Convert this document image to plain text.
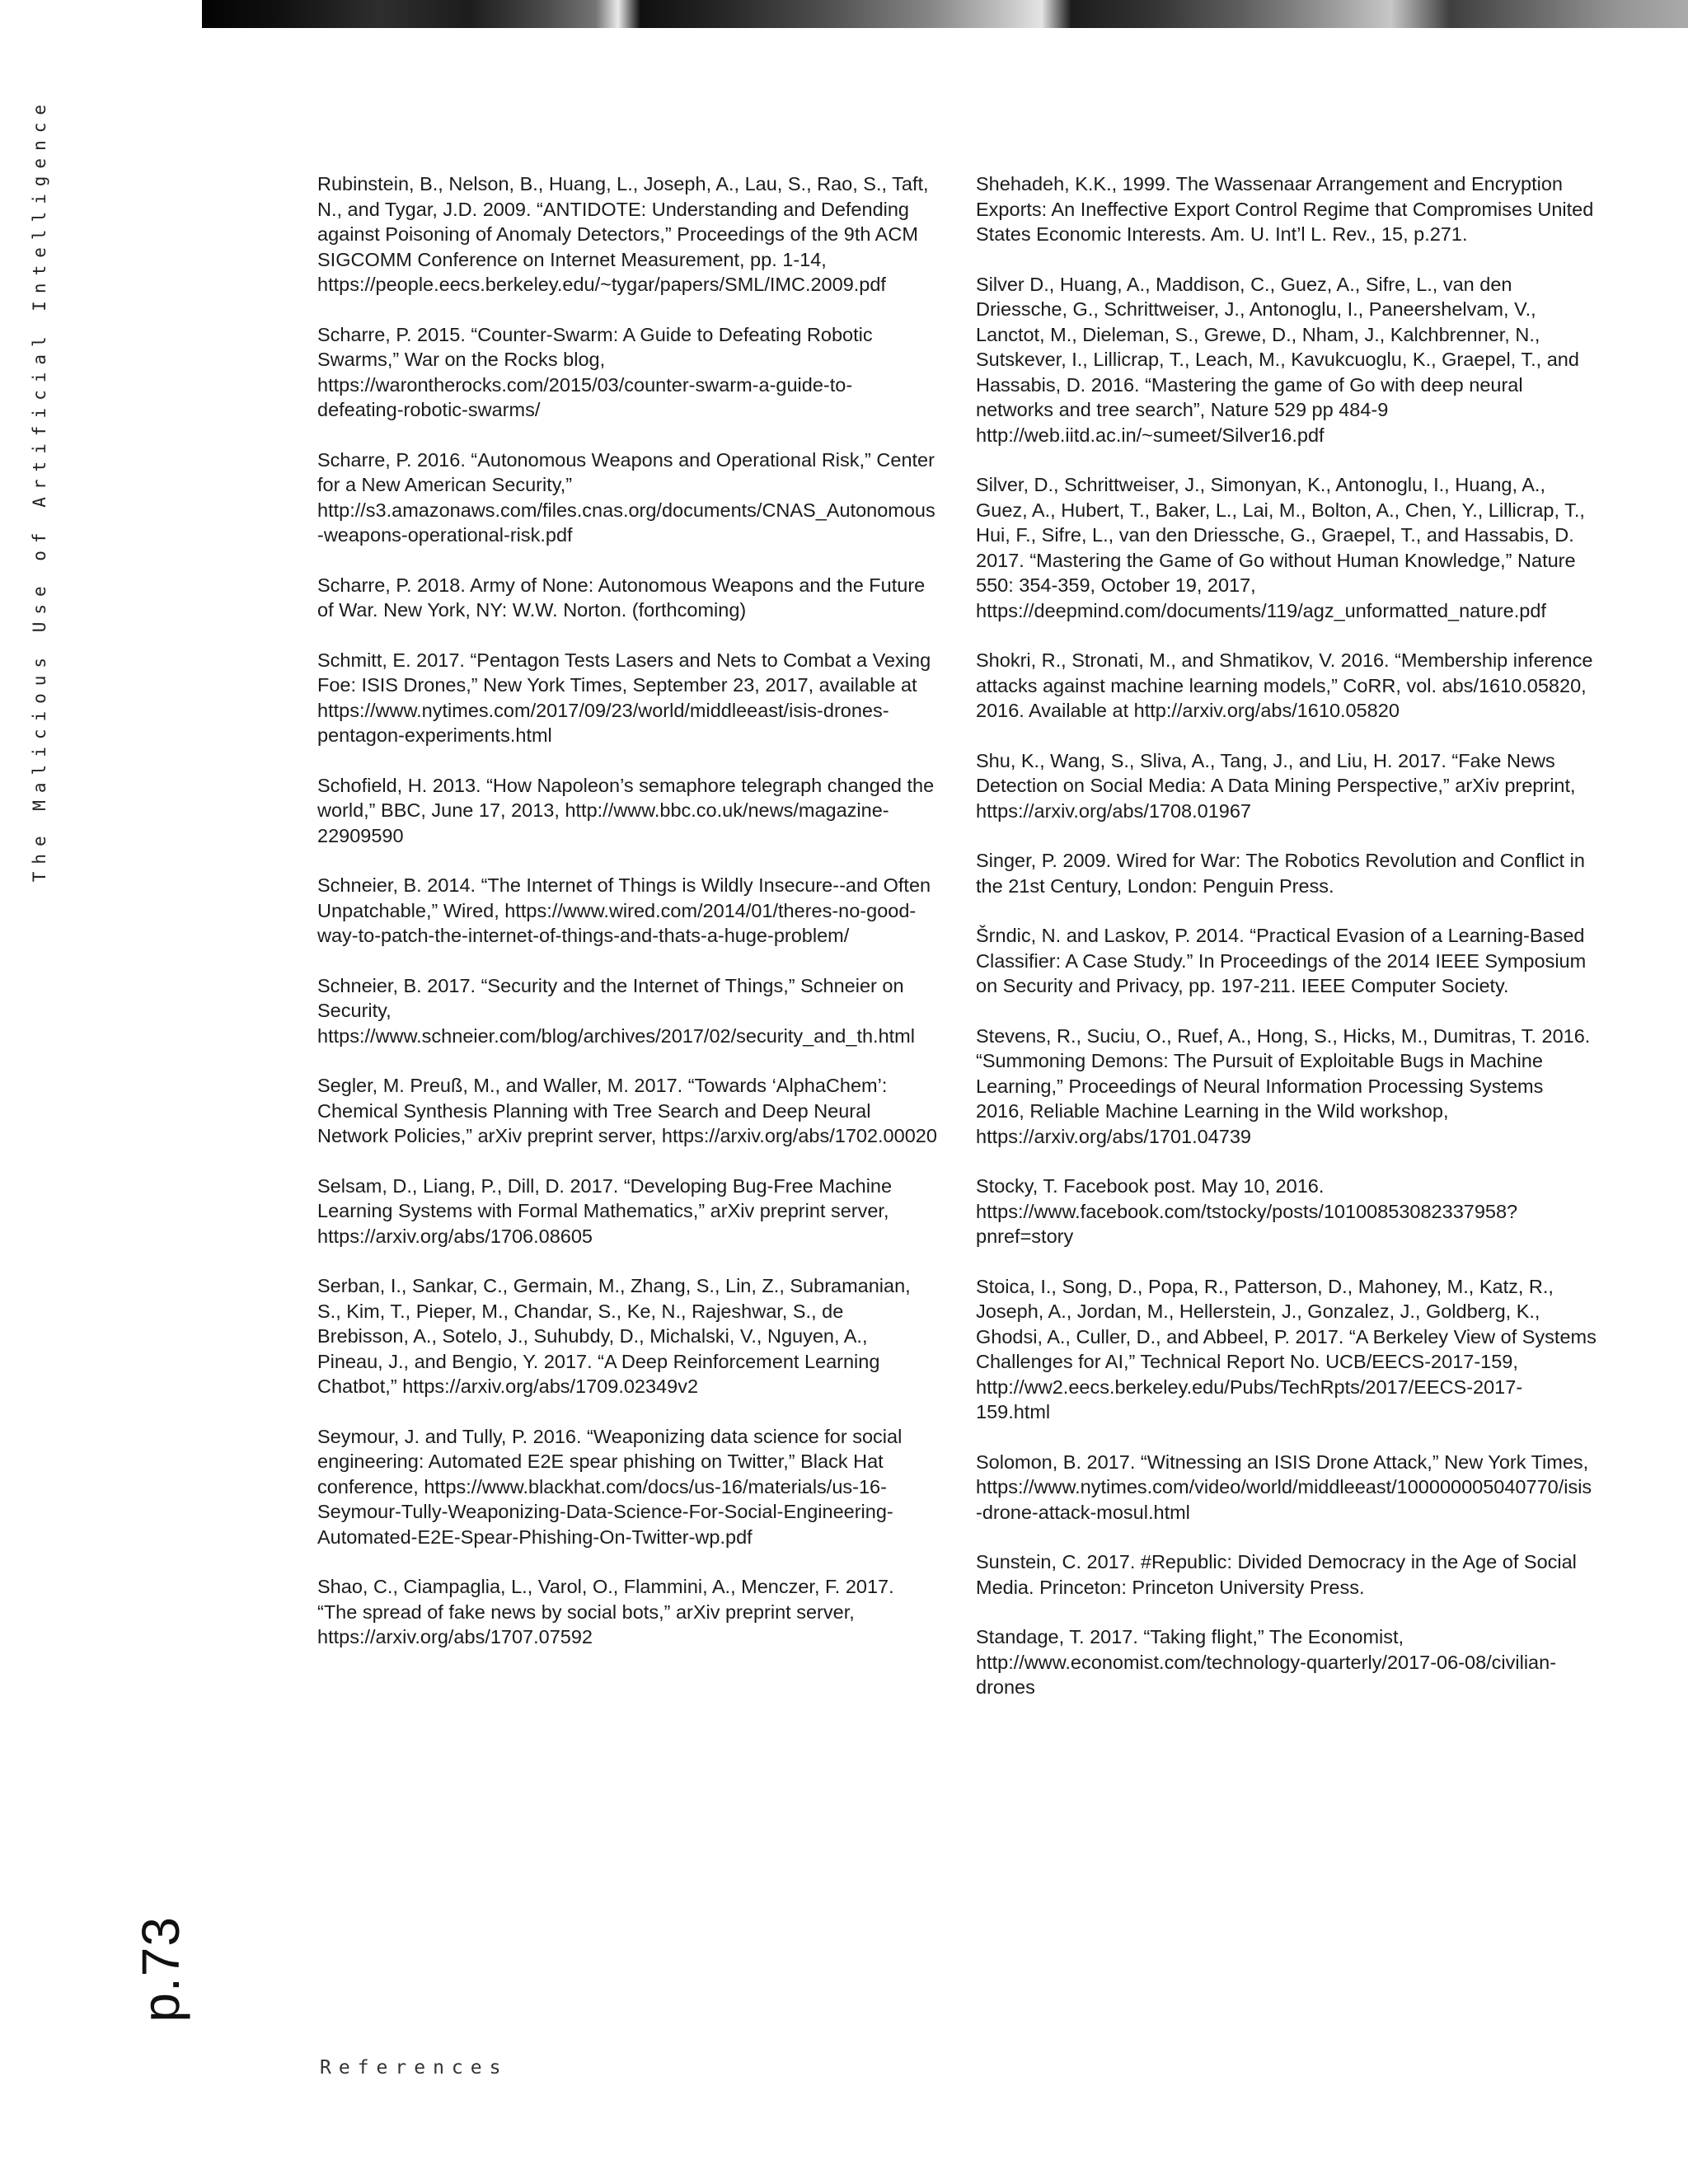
The Malicious Use of Artificial Intelligence
p.73
References

Rubinstein, B., Nelson, B., Huang, L., Joseph, A., Lau, S., Rao, S., Taft, N., and Tygar, J.D. 2009. “ANTIDOTE: Understanding and Defending against Poisoning of Anomaly Detectors,” Proceedings of the 9th ACM SIGCOMM Conference on Internet Measurement, pp. 1-14, https://people.eecs.berkeley.edu/~tygar/papers/SML/IMC.2009.pdf

Scharre, P. 2015. “Counter-Swarm: A Guide to Defeating Robotic Swarms,” War on the Rocks blog, https://warontherocks.com/2015/03/counter-swarm-a-guide-to-defeating-robotic-swarms/

Scharre, P. 2016. “Autonomous Weapons and Operational Risk,” Center for a New American Security,” http://s3.amazonaws.com/files.cnas.org/documents/CNAS_Autonomous-weapons-operational-risk.pdf

Scharre, P. 2018. Army of None: Autonomous Weapons and the Future of War. New York, NY: W.W. Norton. (forthcoming)

Schmitt, E. 2017. “Pentagon Tests Lasers and Nets to Combat a Vexing Foe: ISIS Drones,” New York Times, September 23, 2017, available at https://www.nytimes.com/2017/09/23/world/middleeast/isis-drones-pentagon-experiments.html

Schofield, H. 2013. “How Napoleon’s semaphore telegraph changed the world,” BBC, June 17, 2013, http://www.bbc.co.uk/news/magazine-22909590

Schneier, B. 2014. “The Internet of Things is Wildly Insecure--and Often Unpatchable,” Wired, https://www.wired.com/2014/01/theres-no-good-way-to-patch-the-internet-of-things-and-thats-a-huge-problem/

Schneier, B. 2017. “Security and the Internet of Things,” Schneier on Security, https://www.schneier.com/blog/archives/2017/02/security_and_th.html

Segler, M. Preuß, M., and Waller, M. 2017. “Towards ‘AlphaChem’: Chemical Synthesis Planning with Tree Search and Deep Neural Network Policies,” arXiv preprint server, https://arxiv.org/abs/1702.00020

Selsam, D., Liang, P., Dill, D. 2017. “Developing Bug-Free Machine Learning Systems with Formal Mathematics,” arXiv preprint server, https://arxiv.org/abs/1706.08605

Serban, I., Sankar, C., Germain, M., Zhang, S., Lin, Z., Subramanian, S., Kim, T., Pieper, M., Chandar, S., Ke, N., Rajeshwar, S., de Brebisson, A., Sotelo, J., Suhubdy, D., Michalski, V., Nguyen, A., Pineau, J., and Bengio, Y. 2017. “A Deep Reinforcement Learning Chatbot,” https://arxiv.org/abs/1709.02349v2

Seymour, J. and Tully, P. 2016. “Weaponizing data science for social engineering: Automated E2E spear phishing on Twitter,” Black Hat conference, https://www.blackhat.com/docs/us-16/materials/us-16-Seymour-Tully-Weaponizing-Data-Science-For-Social-Engineering-Automated-E2E-Spear-Phishing-On-Twitter-wp.pdf

Shao, C., Ciampaglia, L., Varol, O., Flammini, A., Menczer, F. 2017. “The spread of fake news by social bots,” arXiv preprint server, https://arxiv.org/abs/1707.07592

Shehadeh, K.K., 1999. The Wassenaar Arrangement and Encryption Exports: An Ineffective Export Control Regime that Compromises United States Economic Interests. Am. U. Int’l L. Rev., 15, p.271.

Silver D., Huang, A., Maddison, C., Guez, A., Sifre, L., van den Driessche, G., Schrittweiser, J., Antonoglu, I., Paneershelvam, V., Lanctot, M., Dieleman, S., Grewe, D., Nham, J., Kalchbrenner, N., Sutskever, I., Lillicrap, T., Leach, M., Kavukcuoglu, K., Graepel, T., and Hassabis, D. 2016. “Mastering the game of Go with deep neural networks and tree search”, Nature 529 pp 484-9 http://web.iitd.ac.in/~sumeet/Silver16.pdf

Silver, D., Schrittweiser, J., Simonyan, K., Antonoglu, I., Huang, A., Guez, A., Hubert, T., Baker, L., Lai, M., Bolton, A., Chen, Y., Lillicrap, T., Hui, F., Sifre, L., van den Driessche, G., Graepel, T., and Hassabis, D. 2017. “Mastering the Game of Go without Human Knowledge,” Nature 550: 354-359, October 19, 2017, https://deepmind.com/documents/119/agz_unformatted_nature.pdf

Shokri, R., Stronati, M., and Shmatikov, V. 2016. “Membership inference attacks against machine learning models,” CoRR, vol. abs/1610.05820, 2016. Available at http://arxiv.org/abs/1610.05820

Shu, K., Wang, S., Sliva, A., Tang, J., and Liu, H. 2017. “Fake News Detection on Social Media: A Data Mining Perspective,” arXiv preprint, https://arxiv.org/abs/1708.01967

Singer, P. 2009. Wired for War: The Robotics Revolution and Conflict in the 21st Century, London: Penguin Press.

Šrndic, N. and Laskov, P. 2014. “Practical Evasion of a Learning-Based Classifier: A Case Study.” In Proceedings of the 2014 IEEE Symposium on Security and Privacy, pp. 197-211. IEEE Computer Society.

Stevens, R., Suciu, O., Ruef, A., Hong, S., Hicks, M., Dumitras, T. 2016. “Summoning Demons: The Pursuit of Exploitable Bugs in Machine Learning,” Proceedings of Neural Information Processing Systems 2016, Reliable Machine Learning in the Wild workshop, https://arxiv.org/abs/1701.04739

Stocky, T. Facebook post. May 10, 2016. https://www.facebook.com/tstocky/posts/10100853082337958?pnref=story

Stoica, I., Song, D., Popa, R., Patterson, D., Mahoney, M., Katz, R., Joseph, A., Jordan, M., Hellerstein, J., Gonzalez, J., Goldberg, K., Ghodsi, A., Culler, D., and Abbeel, P. 2017. “A Berkeley View of Systems Challenges for AI,” Technical Report No. UCB/EECS-2017-159, http://ww2.eecs.berkeley.edu/Pubs/TechRpts/2017/EECS-2017-159.html

Solomon, B. 2017. “Witnessing an ISIS Drone Attack,” New York Times, https://www.nytimes.com/video/world/middleeast/100000005040770/isis-drone-attack-mosul.html

Sunstein, C. 2017. #Republic: Divided Democracy in the Age of Social Media. Princeton: Princeton University Press.

Standage, T. 2017. “Taking flight,” The Economist, http://www.economist.com/technology-quarterly/2017-06-08/civilian-drones
